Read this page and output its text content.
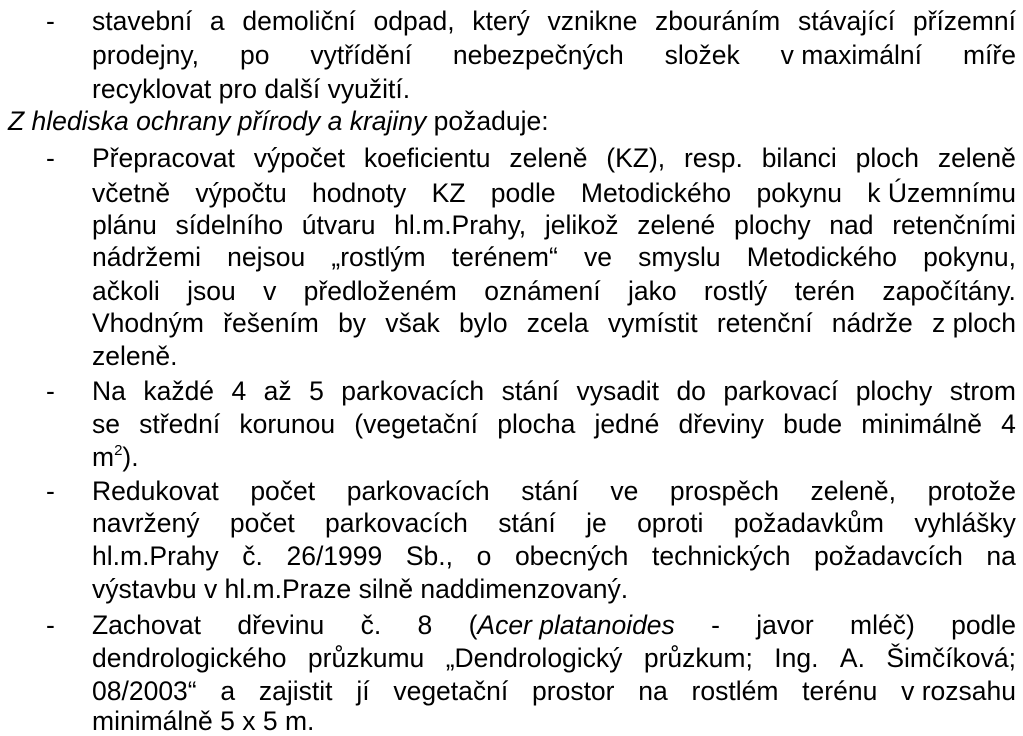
- stavební a demoliční odpad, který vznikne zbouráním stávající přízemní
prodejny, po vytřídění nebezpečných složek v maximální míře
recyklovat pro další využití.
Z hlediska ochrany přírody a krajiny požaduje:
- Přepracovat výpočet koeficientu zeleně (KZ), resp. bilanci ploch zeleně
včetně výpočtu hodnoty KZ podle Metodického pokynu k Územnímu
plánu sídelního útvaru hl.m.Prahy, jelikož zelené plochy nad retenčními
nádržemi nejsou „rostlým terénem“ ve smyslu Metodického pokynu,
ačkoli jsou v předloženém oznámení jako rostlý terén započítány.
Vhodným řešením by však bylo zcela vymístit retenční nádrže z ploch
zeleně.
- Na každé 4 až 5 parkovacích stání vysadit do parkovací plochy strom
se střední korunou (vegetační plocha jedné dřeviny bude minimálně 4
$m^2$).
- Redukovat počet parkovacích stání ve prospěch zeleně, protože
navržený počet parkovacích stání je oproti požadavkům vyhlášky
hl.m.Prahy č. 26/1999 Sb., o obecných technických požadavcích na
výstavbu v hl.m.Praze silně naddimenzovaný.
- Zachovat dřevinu č. 8 (Acer platanoides - javor mléč) podle
dendrologického průzkumu „Dendrologický průzkum; Ing. A. Šimčíková;
08/2003“ a zajistit jí vegetační prostor na rostlém terénu v rozsahu
minimálně 5 x 5 m.
